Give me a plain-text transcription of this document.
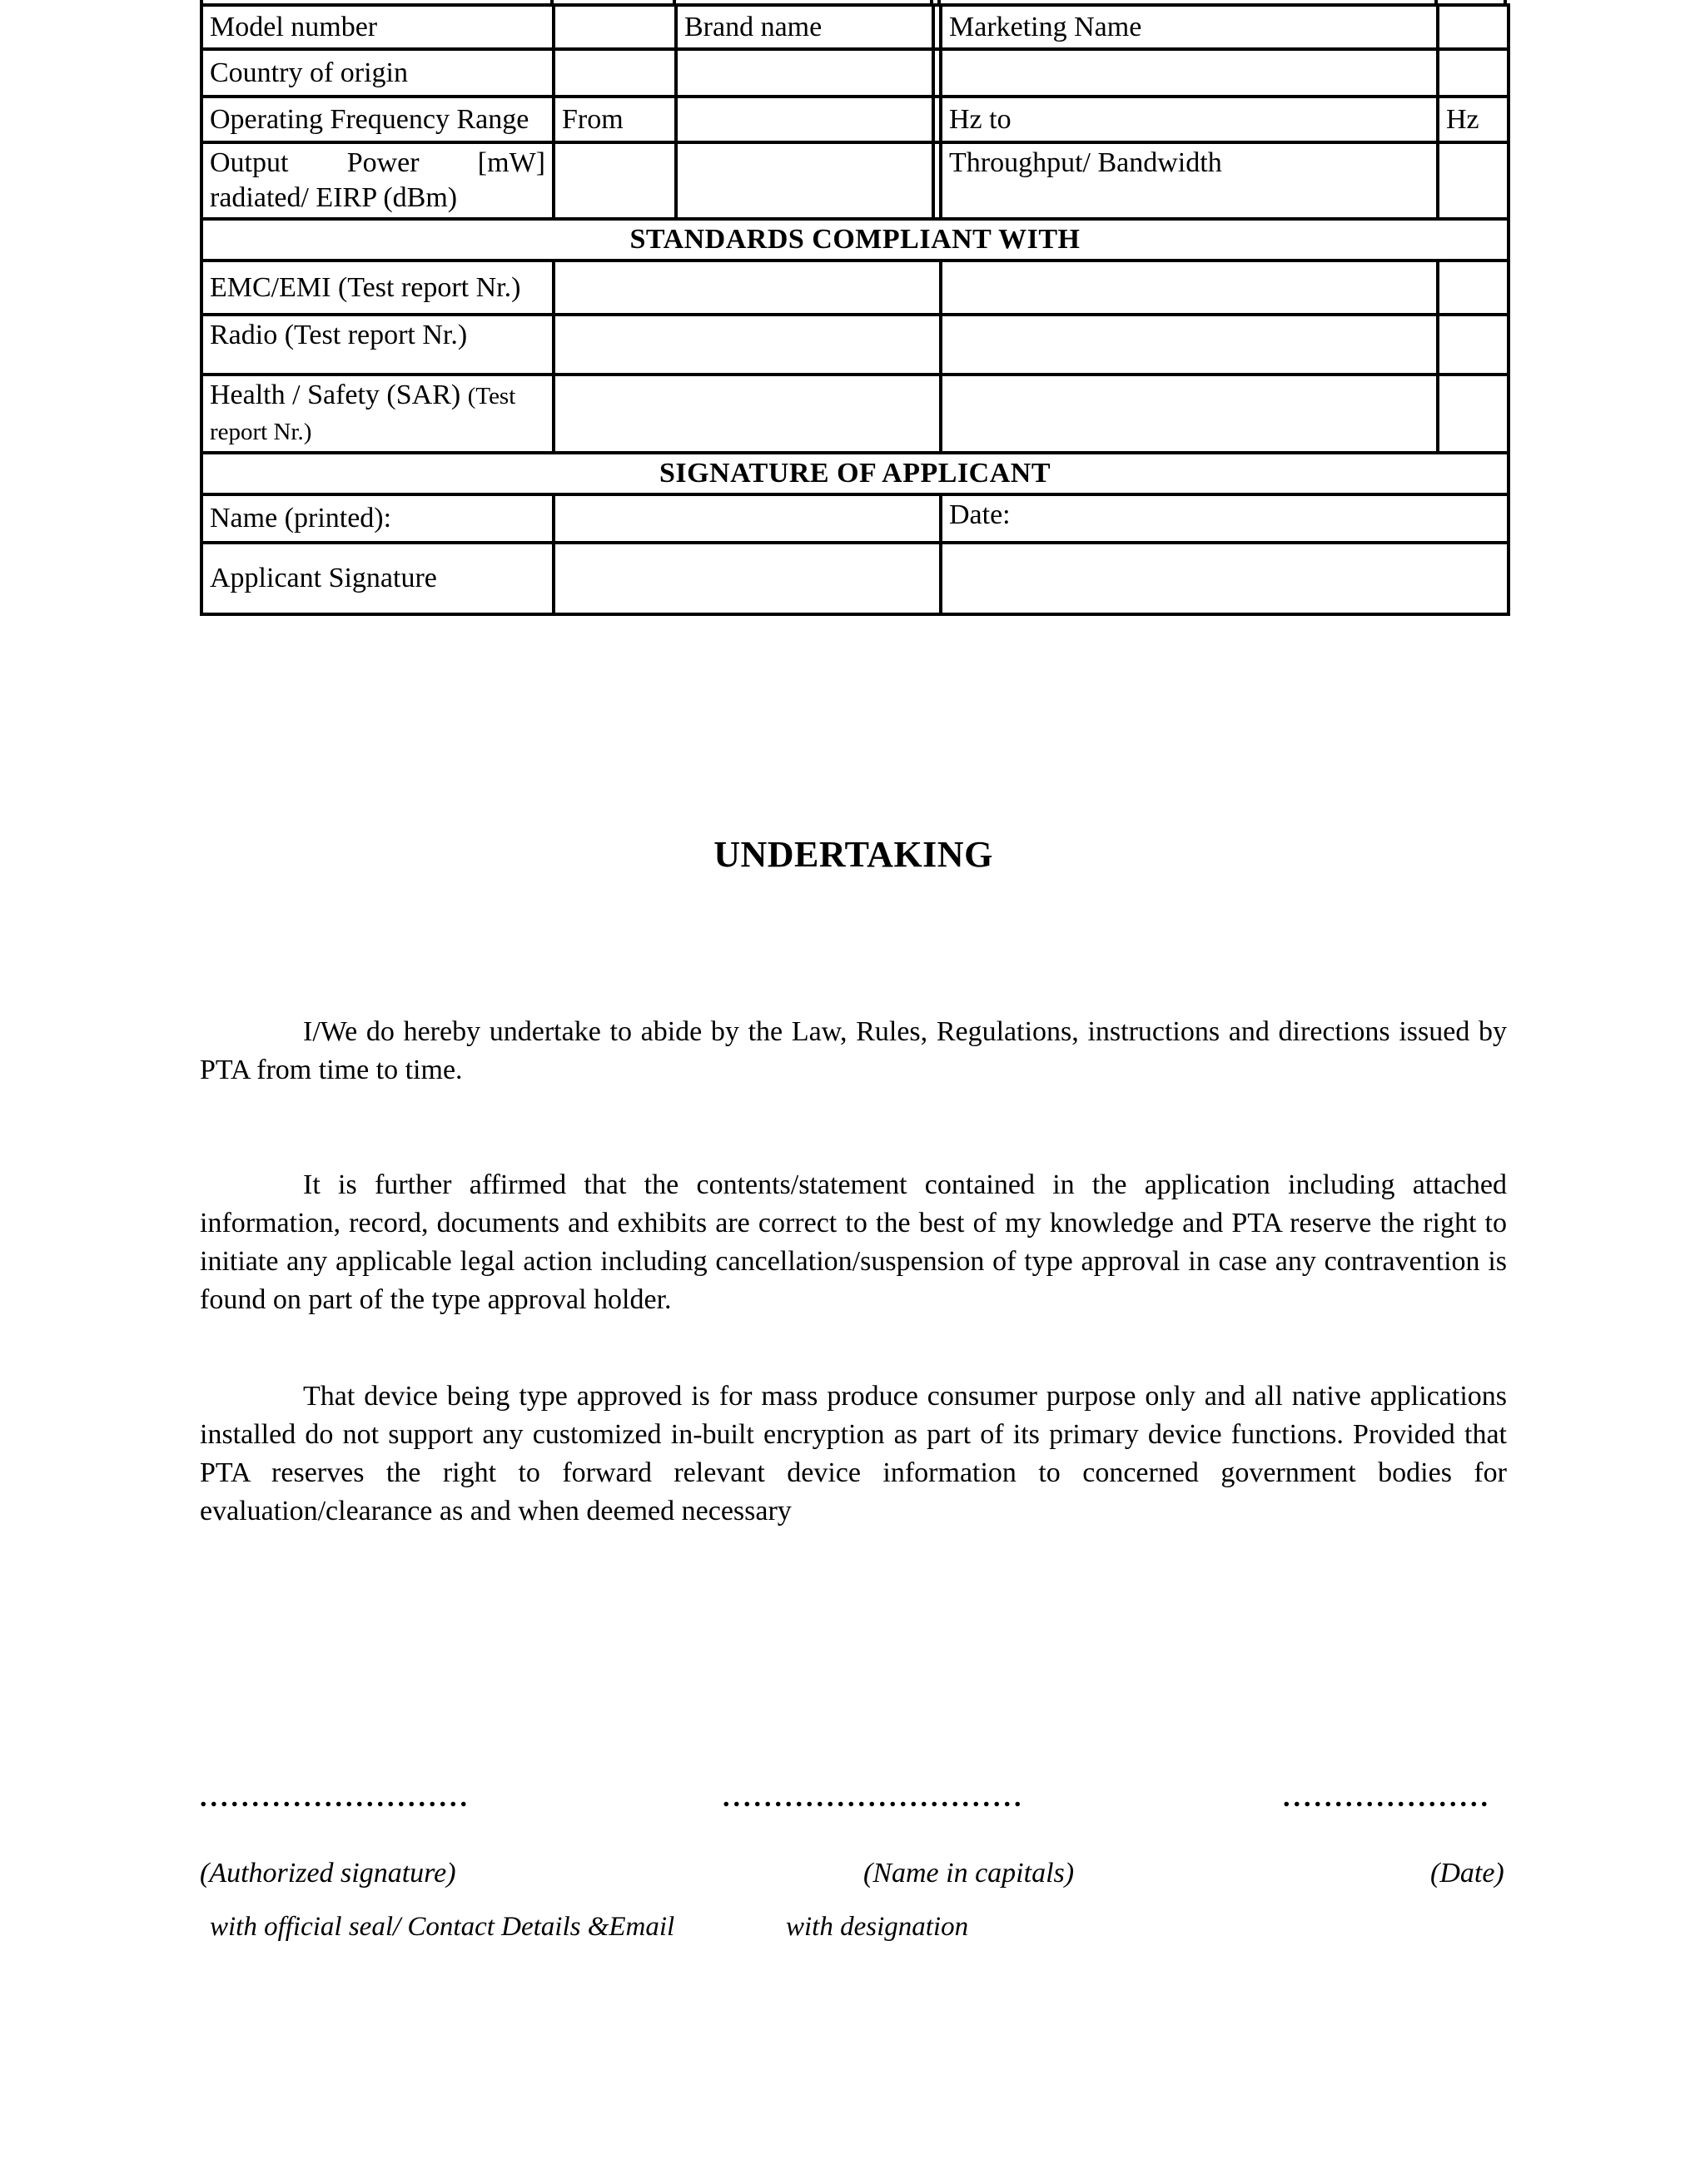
Model number		Brand name		Marketing Name	
Country of origin					
Operating Frequency Range	From			Hz to	Hz

Output Power [mW]
radiated/ EIRP (dBm)				Throughput/ Bandwidth	
STANDARDS COMPLIANT WITH					
EMC/EMI (Test report Nr.)					
Radio (Test report Nr.)					
Health / Safety (SAR) (Test report Nr.)					
SIGNATURE OF APPLICANT					
Name (printed):				Date:	
Applicant Signature					
UNDERTAKING
I/We do hereby undertake to abide by the Law, Rules, Regulations, instructions and directions issued by PTA from time to time.
It is further affirmed that the contents/statement contained in the application including attached information, record, documents and exhibits are correct to the best of my knowledge and PTA reserve the right to initiate any applicable legal action including cancellation/suspension of type approval in case any contravention is found on part of the type approval holder.
That device being type approved is for mass produce consumer purpose only and all native applications installed do not support any customized in-built encryption as part of its primary device functions. Provided that PTA reserves the right to forward relevant device information to concerned government bodies for evaluation/clearance as and when deemed necessary
..........................	.............................	....................
(Authorized signature)	(Name in capitals)	(Date)
with official seal/ Contact Details &Email	with designation
